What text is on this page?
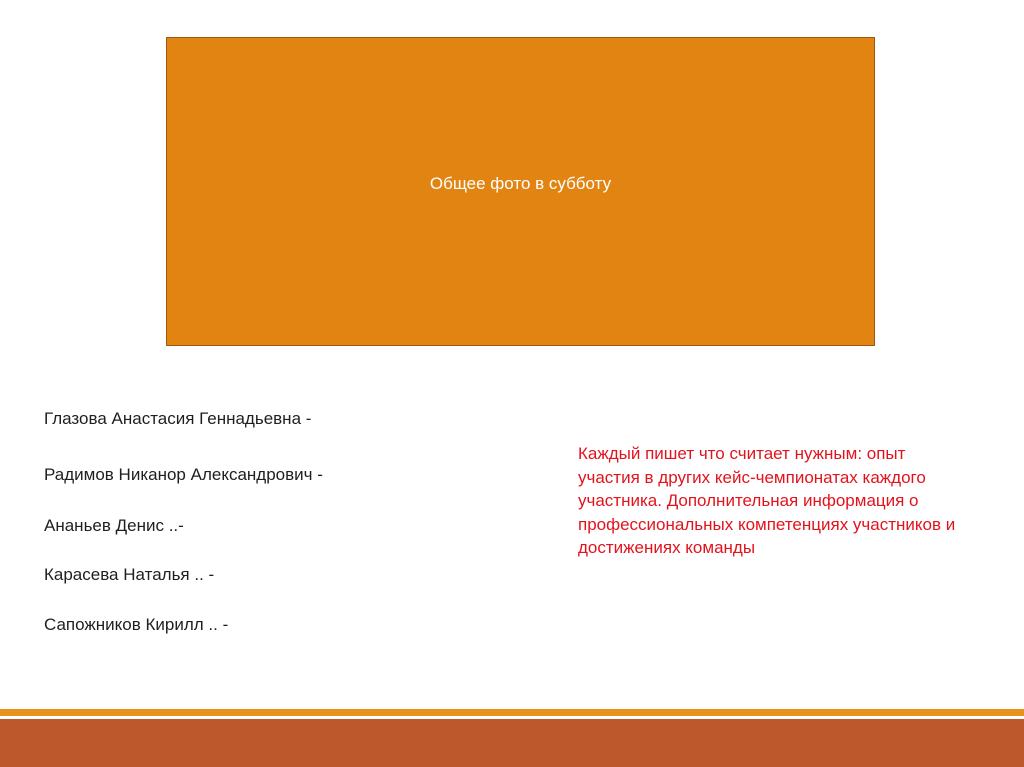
Общее фото в субботу
Глазова Анастасия Геннадьевна -
Радимов Никанор Александрович -
Ананьев Денис ..-
Карасева Наталья .. -
Сапожников Кирилл .. -

Каждый пишет что считает нужным: опыт участия в других кейс-чемпионатах каждого участника. Дополнительная информация о профессиональных компетенциях участников и достижениях команды
